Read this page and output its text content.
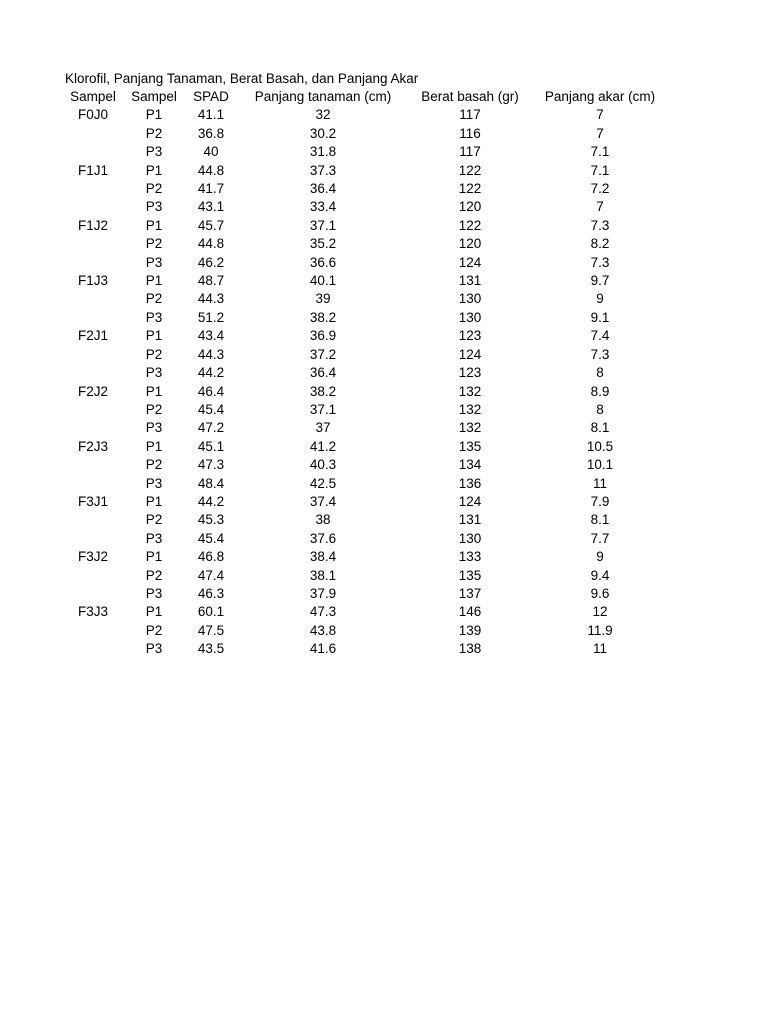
Klorofil, Panjang Tanaman, Berat Basah, dan Panjang Akar
Sampel	Sampel	SPAD	Panjang tanaman (cm)	Berat basah (gr)	Panjang akar (cm)
F0J0	P1	41.1	32	117	7
	P2	36.8	30.2	116	7
	P3	40	31.8	117	7.1
F1J1	P1	44.8	37.3	122	7.1
	P2	41.7	36.4	122	7.2
	P3	43.1	33.4	120	7
F1J2	P1	45.7	37.1	122	7.3
	P2	44.8	35.2	120	8.2
	P3	46.2	36.6	124	7.3
F1J3	P1	48.7	40.1	131	9.7
	P2	44.3	39	130	9
	P3	51.2	38.2	130	9.1
F2J1	P1	43.4	36.9	123	7.4
	P2	44.3	37.2	124	7.3
	P3	44.2	36.4	123	8
F2J2	P1	46.4	38.2	132	8.9
	P2	45.4	37.1	132	8
	P3	47.2	37	132	8.1
F2J3	P1	45.1	41.2	135	10.5
	P2	47.3	40.3	134	10.1
	P3	48.4	42.5	136	11
F3J1	P1	44.2	37.4	124	7.9
	P2	45.3	38	131	8.1
	P3	45.4	37.6	130	7.7
F3J2	P1	46.8	38.4	133	9
	P2	47.4	38.1	135	9.4
	P3	46.3	37.9	137	9.6
F3J3	P1	60.1	47.3	146	12
	P2	47.5	43.8	139	11.9
	P3	43.5	41.6	138	11
